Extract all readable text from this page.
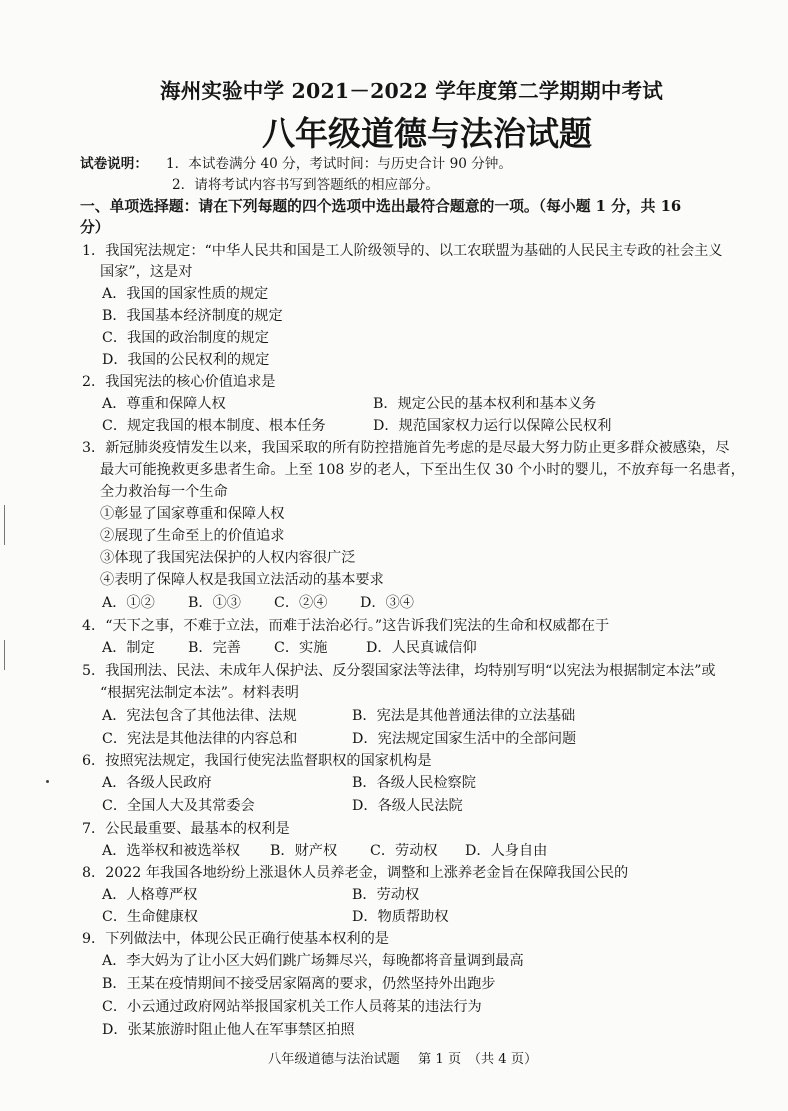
海州实验中学 2021－2022 学年度第二学期期中考试
八年级道德与法治试题
试卷说明： 1．本试卷满分 40 分，考试时间：与历史合计 90 分钟。
2．请将考试内容书写到答题纸的相应部分。
一、单项选择题：请在下列每题的四个选项中选出最符合题意的一项。（每小题 1 分，共 16
分）
1．我国宪法规定：“中华人民共和国是工人阶级领导的、以工农联盟为基础的人民民主专政的社会主义
国家”，这是对
A．我国的国家性质的规定
B．我国基本经济制度的规定
C．我国的政治制度的规定
D．我国的公民权利的规定
2．我国宪法的核心价值追求是
A．尊重和保障人权	B．规定公民的基本权利和基本义务
C．规定我国的根本制度、根本任务	D．规范国家权力运行以保障公民权利
3．新冠肺炎疫情发生以来，我国采取的所有防控措施首先考虑的是尽最大努力防止更多群众被感染，尽
最大可能挽救更多患者生命。上至 108 岁的老人，下至出生仅 30 个小时的婴儿，不放弃每一名患者，
全力救治每一个生命
①彰显了国家尊重和保障人权
②展现了生命至上的价值追求
③体现了我国宪法保护的人权内容很广泛
④表明了保障人权是我国立法活动的基本要求
A．①② B．①③ C．②④ D．③④
4．“天下之事，不难于立法，而难于法治必行。”这告诉我们宪法的生命和权威都在于
A．制定 B．完善 C．实施	D．人民真诚信仰
5．我国刑法、民法、未成年人保护法、反分裂国家法等法律，均特别写明“以宪法为根据制定本法”或
“根据宪法制定本法”。材料表明
A．宪法包含了其他法律、法规	B．宪法是其他普通法律的立法基础
C．宪法是其他法律的内容总和	D．宪法规定国家生活中的全部问题
6．按照宪法规定，我国行使宪法监督职权的国家机构是
A．各级人民政府	B．各级人民检察院
C．全国人大及其常委会	D．各级人民法院
7．公民最重要、最基本的权利是
A．选举权和被选举权 B．财产权 C．劳动权 D．人身自由
8．2022 年我国各地纷纷上涨退休人员养老金，调整和上涨养老金旨在保障我国公民的
A．人格尊严权	B．劳动权
C．生命健康权	D．物质帮助权
9．下列做法中，体现公民正确行使基本权利的是
A．李大妈为了让小区大妈们跳广场舞尽兴，每晚都将音量调到最高
B．王某在疫情期间不接受居家隔离的要求，仍然坚持外出跑步
C．小云通过政府网站举报国家机关工作人员蒋某的违法行为
D．张某旅游时阻止他人在军事禁区拍照
八年级道德与法治试题 第 1 页　（共 4 页）
